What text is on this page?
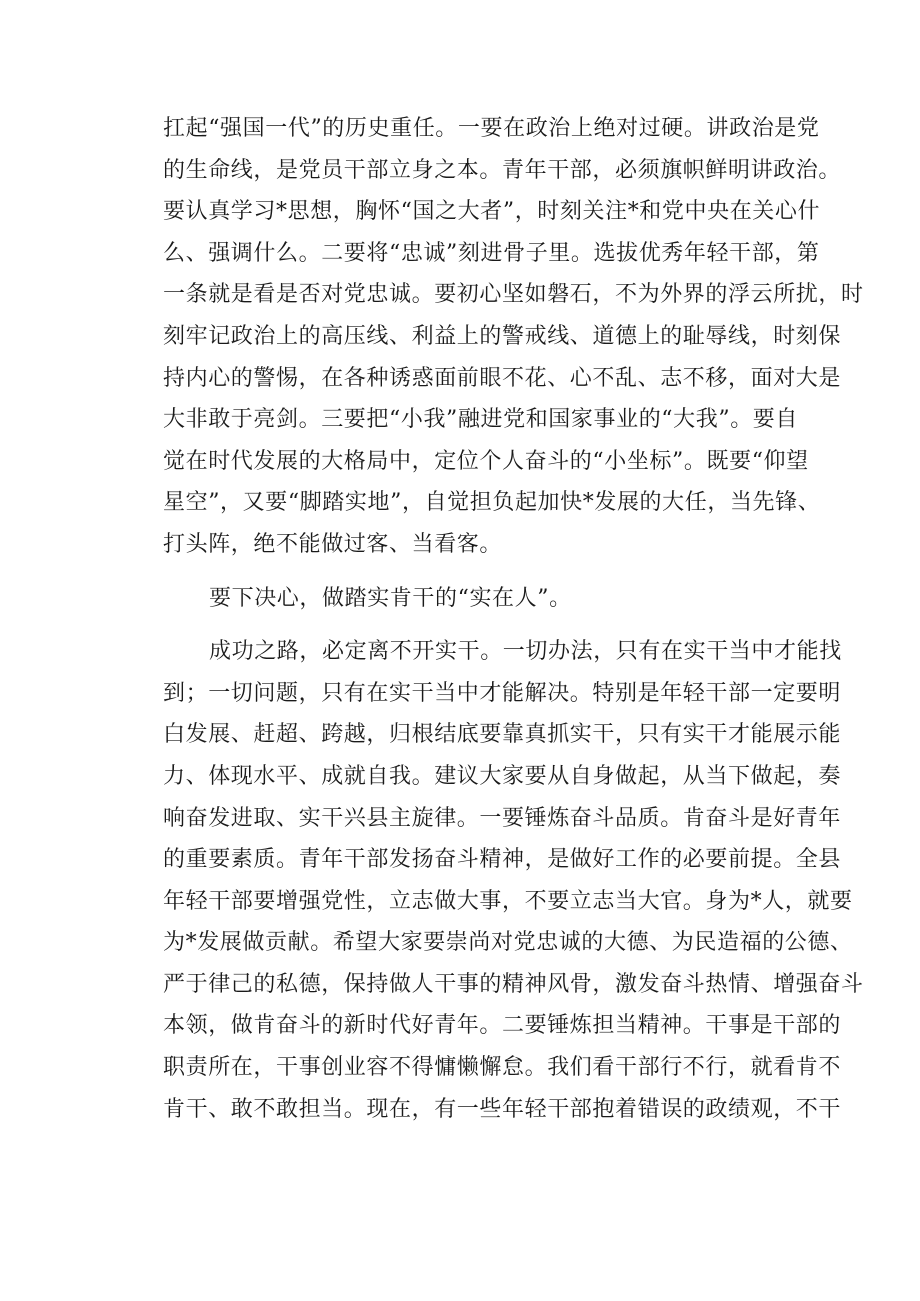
扛起“强国一代”的历史重任。一要在政治上绝对过硬。讲政治是党
的生命线，是党员干部立身之本。青年干部，必须旗帜鲜明讲政治。
要认真学习*思想，胸怀“国之大者”，时刻关注*和党中央在关心什
么、强调什么。二要将“忠诚”刻进骨子里。选拔优秀年轻干部，第
一条就是看是否对党忠诚。要初心坚如磐石，不为外界的浮云所扰，时
刻牢记政治上的高压线、利益上的警戒线、道德上的耻辱线，时刻保
持内心的警惕，在各种诱惑面前眼不花、心不乱、志不移，面对大是
大非敢于亮剑。三要把“小我”融进党和国家事业的“大我”。要自
觉在时代发展的大格局中，定位个人奋斗的“小坐标”。既要“仰望
星空”，又要“脚踏实地”，自觉担负起加快*发展的大任，当先锋、
打头阵，绝不能做过客、当看客。
要下决心，做踏实肯干的“实在人”。
成功之路，必定离不开实干。一切办法，只有在实干当中才能找
到；一切问题，只有在实干当中才能解决。特别是年轻干部一定要明
白发展、赶超、跨越，归根结底要靠真抓实干，只有实干才能展示能
力、体现水平、成就自我。建议大家要从自身做起，从当下做起，奏
响奋发进取、实干兴县主旋律。一要锤炼奋斗品质。肯奋斗是好青年
的重要素质。青年干部发扬奋斗精神，是做好工作的必要前提。全县
年轻干部要增强党性，立志做大事，不要立志当大官。身为*人，就要
为*发展做贡献。希望大家要崇尚对党忠诚的大德、为民造福的公德、
严于律己的私德，保持做人干事的精神风骨，激发奋斗热情、增强奋斗
本领，做肯奋斗的新时代好青年。二要锤炼担当精神。干事是干部的
职责所在，干事创业容不得慵懒懈怠。我们看干部行不行，就看肯不
肯干、敢不敢担当。现在，有一些年轻干部抱着错误的政绩观，不干
